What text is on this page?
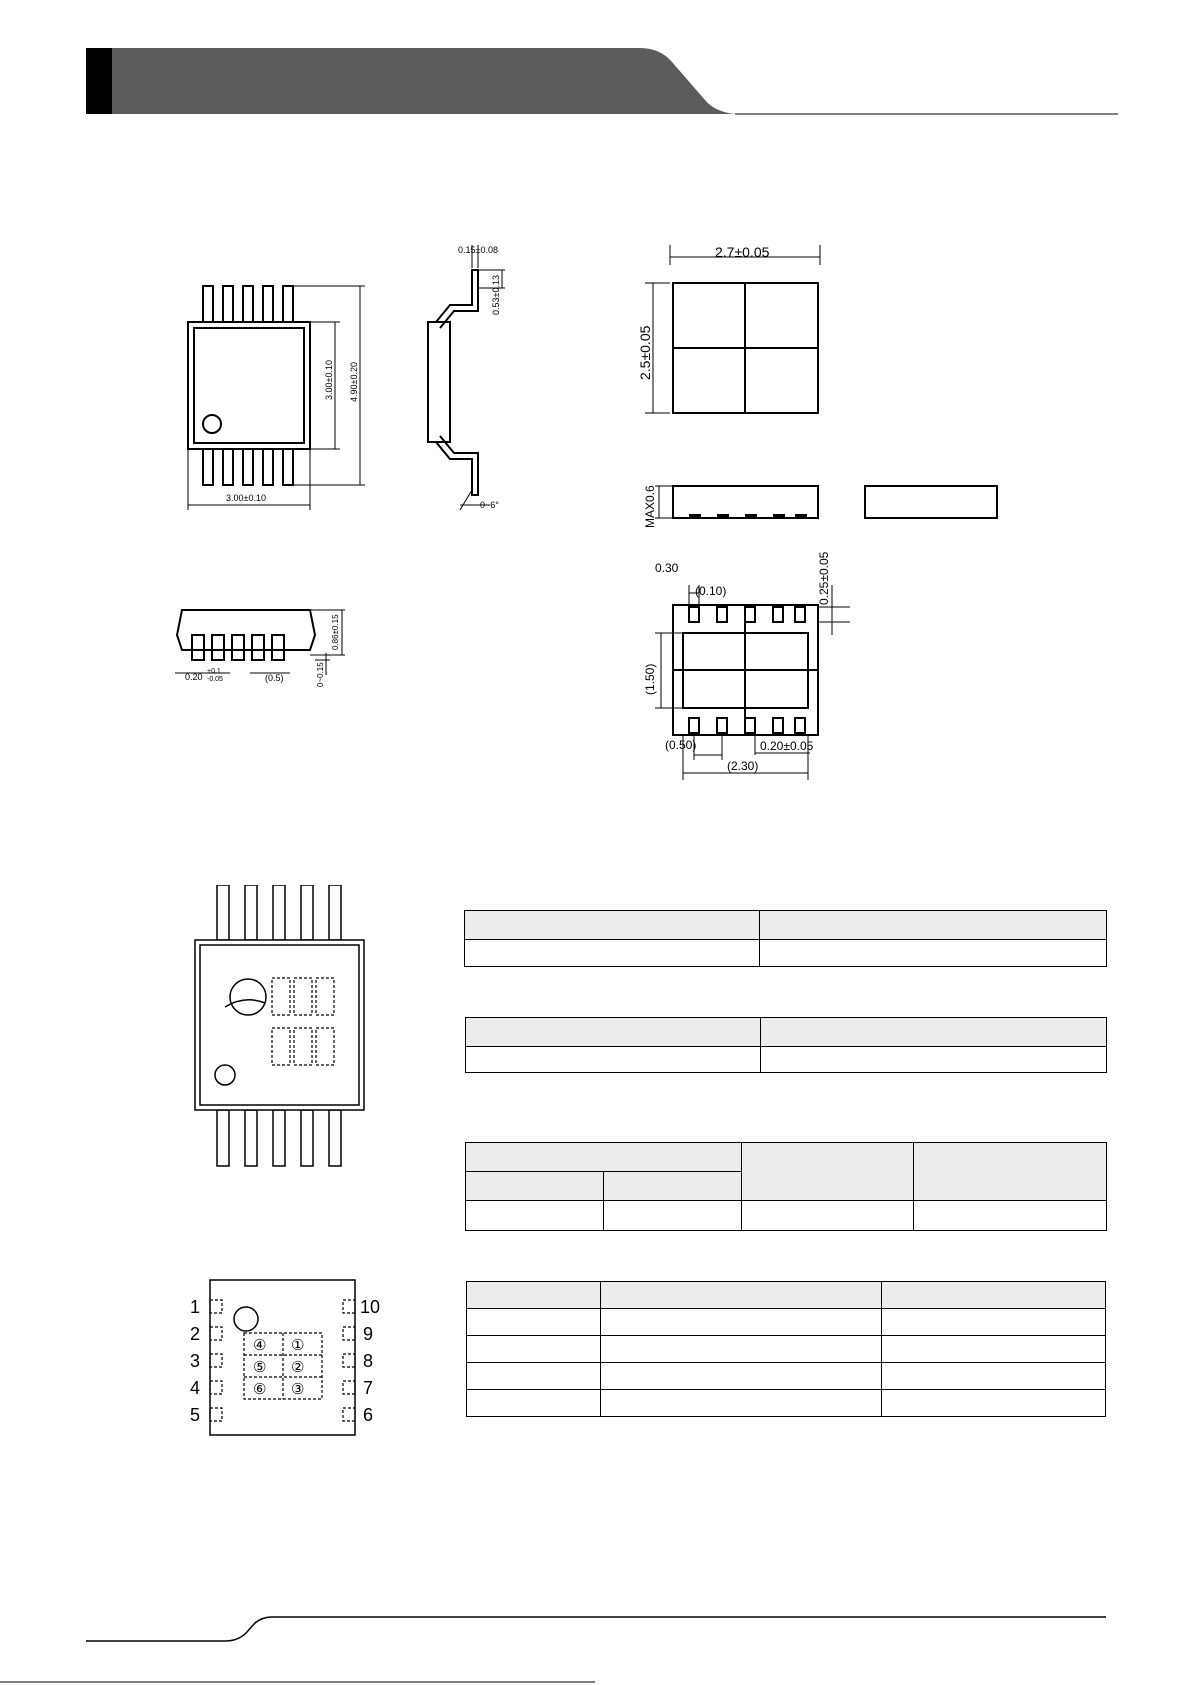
3.00±0.10 4.90±0.20
3.00±0.10
0.15±0.08
0.53±0.13
0~6°
0.86±0.15
0~0.15
0.20
+0.1
-0.05	(0.5)
2.7±0.05
2.5±0.05
MAX0.6
0.30
(0.10)	0.25±0.05
(1.50)
(0.50)	0.20±0.05
(2.30)
1
2
3
4
5
10
9
8
7
6
④ ①
⑤ ②
⑥ ③
